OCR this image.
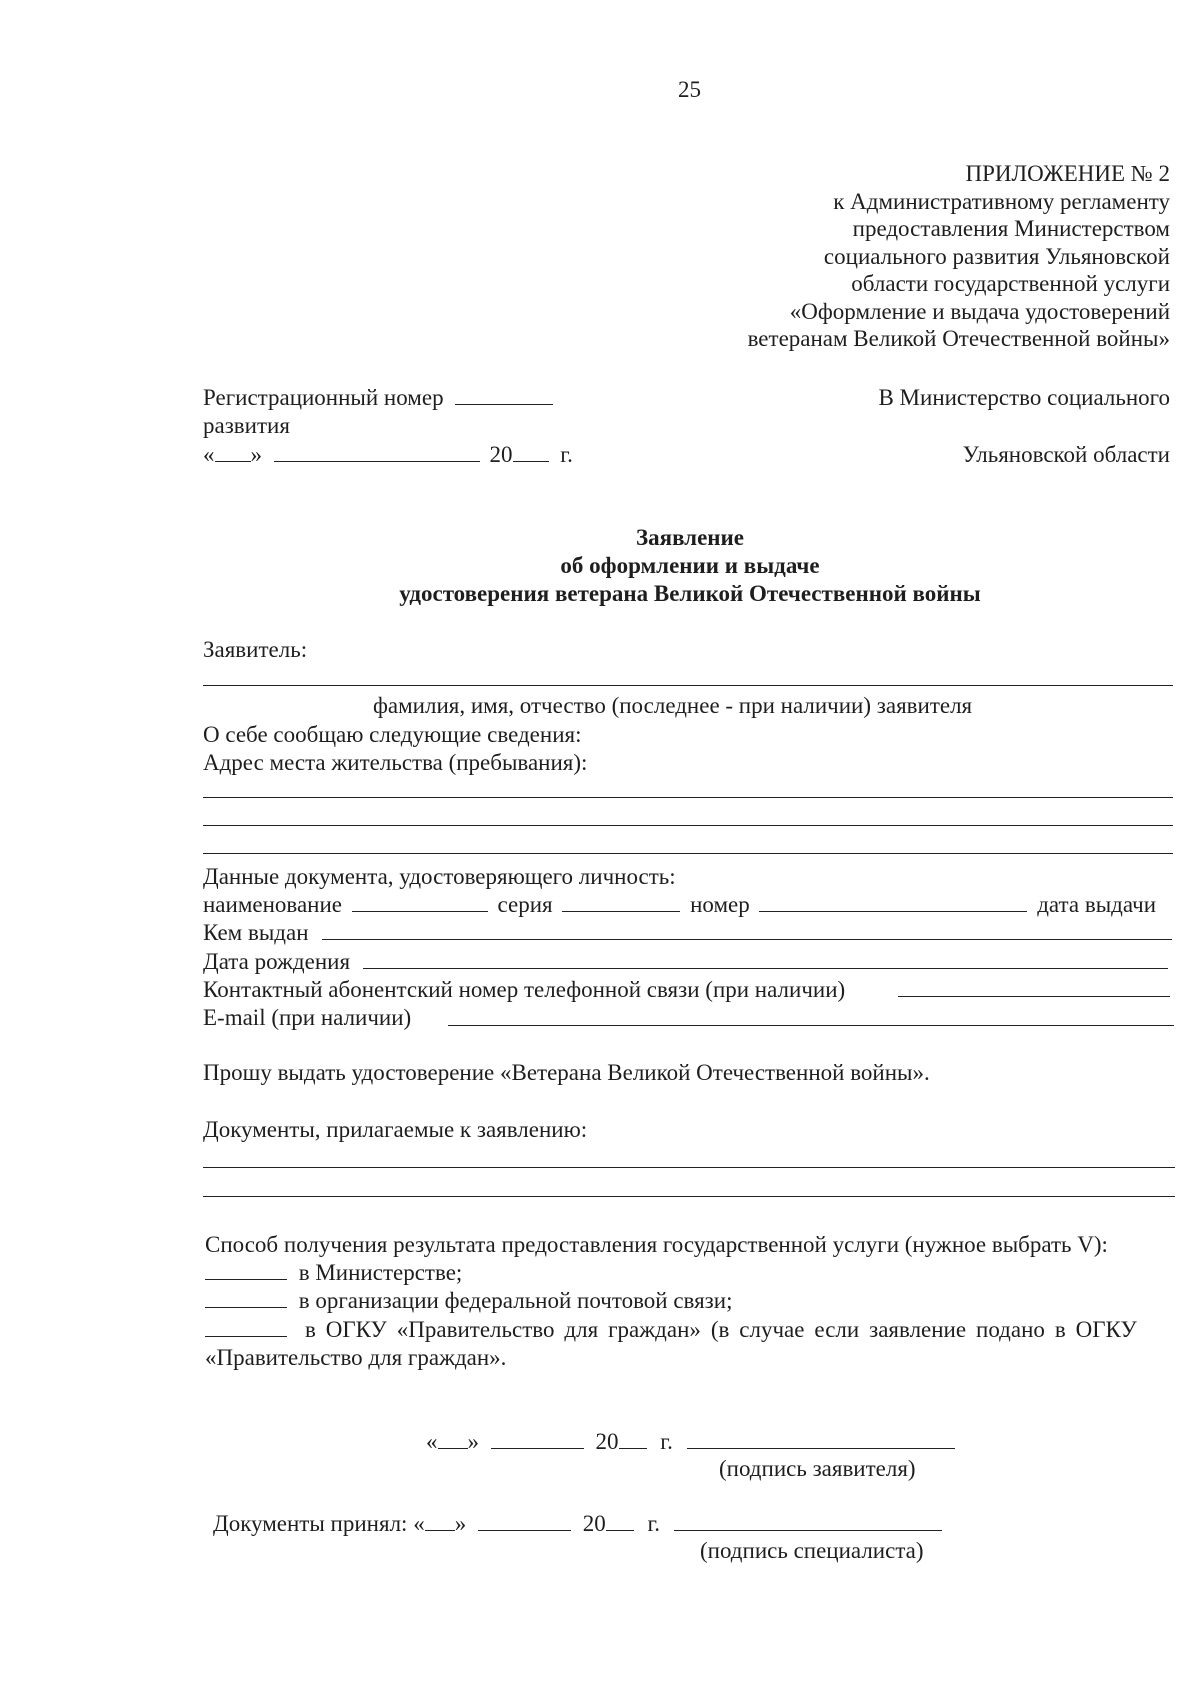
25
ПРИЛОЖЕНИЕ № 2
к Административному регламенту
предоставления Министерством
социального развития Ульяновской
области государственной услуги
«Оформление и выдача удостоверений
ветеранам Великой Отечественной войны»
Регистрационный номер	В Министерство социального
развития
Ульяновской области
« »	20 г.
Заявление
об оформлении и выдаче
удостоверения ветерана Великой Отечественной войны
Заявитель:
фамилия, имя, отчество (последнее - при наличии) заявителя
О себе сообщаю следующие сведения:
Адрес места жительства (пребывания):
Данные документа, удостоверяющего личность:
наименование	серия	номер	дата выдачи
Кем выдан
Дата рождения
Контактный абонентский номер телефонной связи (при наличии)
E-mail (при наличии)
Прошу выдать удостоверение «Ветерана Великой Отечественной войны».
Документы, прилагаемые к заявлению:
Способ получения результата предоставления государственной услуги (нужное выбрать V):
в Министерстве;
в организации федеральной почтовой связи;
в ОГКУ «Правительство для граждан» (в случае если заявление подано в ОГКУ
«Правительство для граждан».
« »	20 г.
(подпись заявителя)
Документы принял: « »	20 г.
(подпись специалиста)
